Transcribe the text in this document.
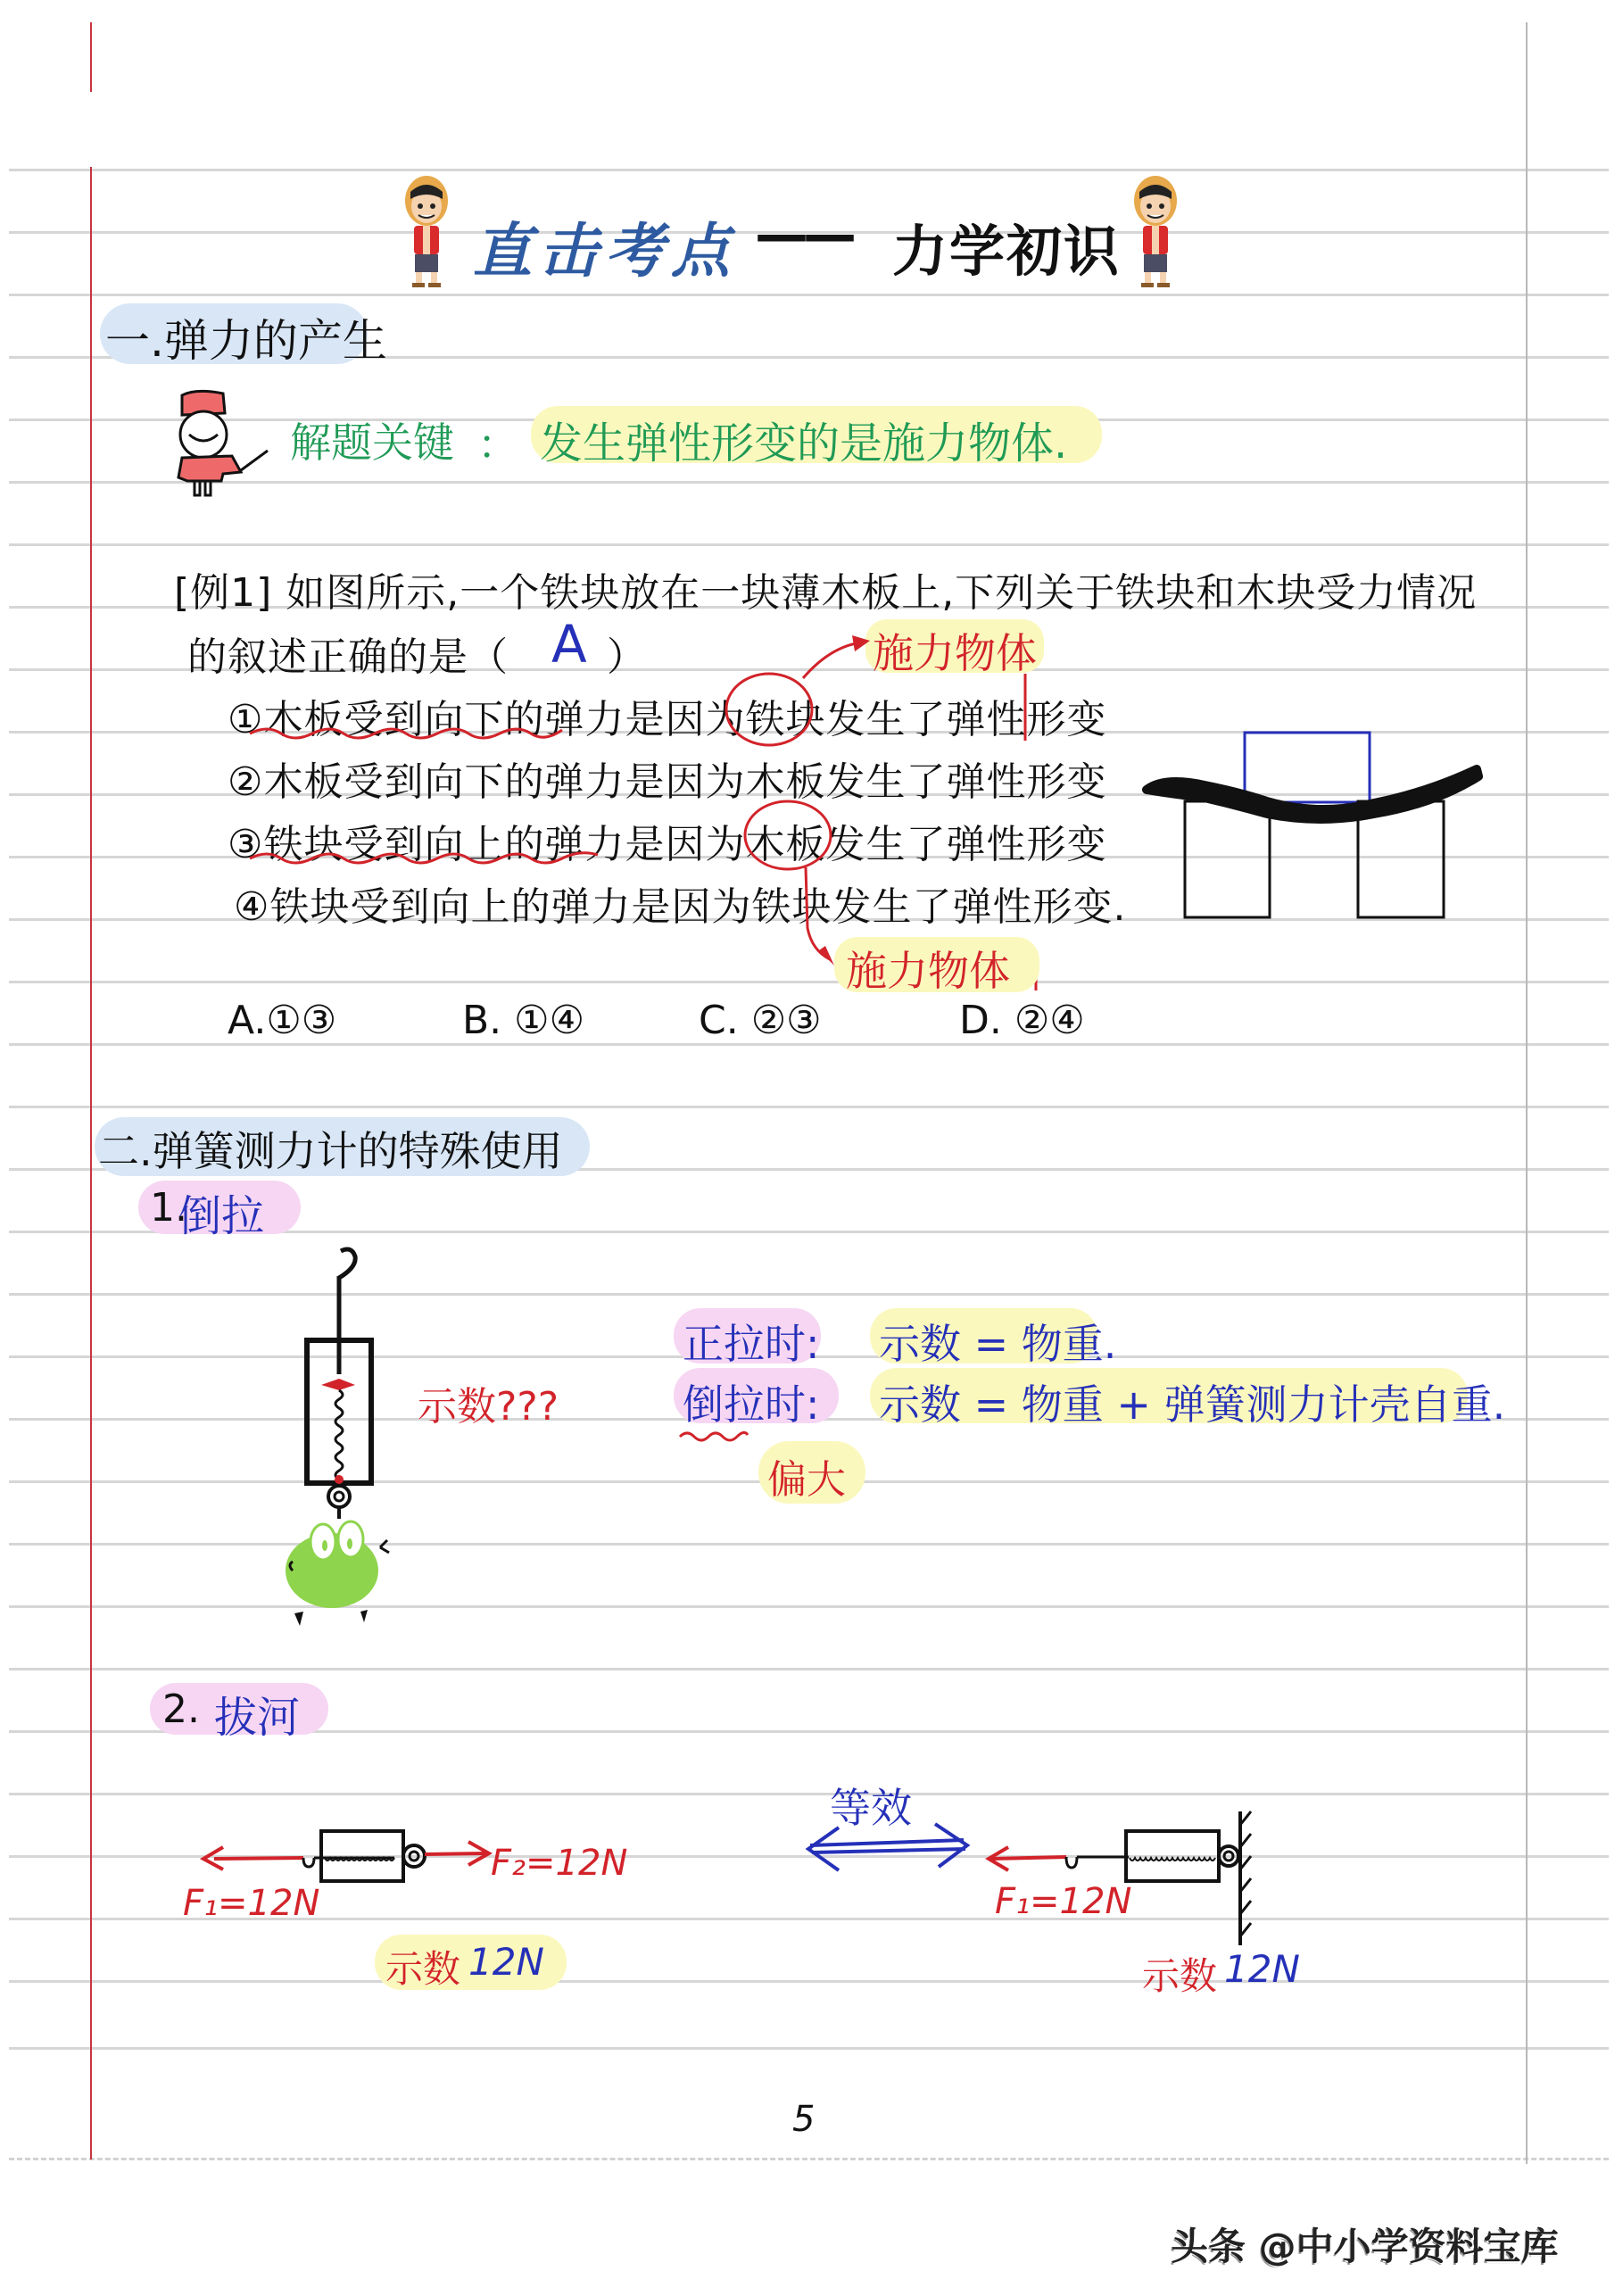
直击考点 —— 力学初识
一.弹力的产生
解题关键 ： 发生弹性形变的是施力物体.
[例1] 如图所示,一个铁块放在一块薄木板上,下列关于铁块和木块受力情况
的叙述正确的是（ A ）	施力物体
①木板受到向下的弹力是因为铁块发生了弹性形变
②木板受到向下的弹力是因为木板发生了弹性形变
③铁块受到向上的弹力是因为木板发生了弹性形变
④铁块受到向上的弹力是因为铁块发生了弹性形变.
施力物体
A.①③	B. ①④	C. ②③	D. ②④
二.弹簧测力计的特殊使用
1.
倒拉
示数???
正拉时: 示数 = 物重.
倒拉时: 示数 = 物重 + 弹簧测力计壳自重.
偏大
2. 拔河
F₁=12N
F₂=12N
示数 12N
等效
F₁=12N
示数 12N
5
头条 @中小学资料宝库
